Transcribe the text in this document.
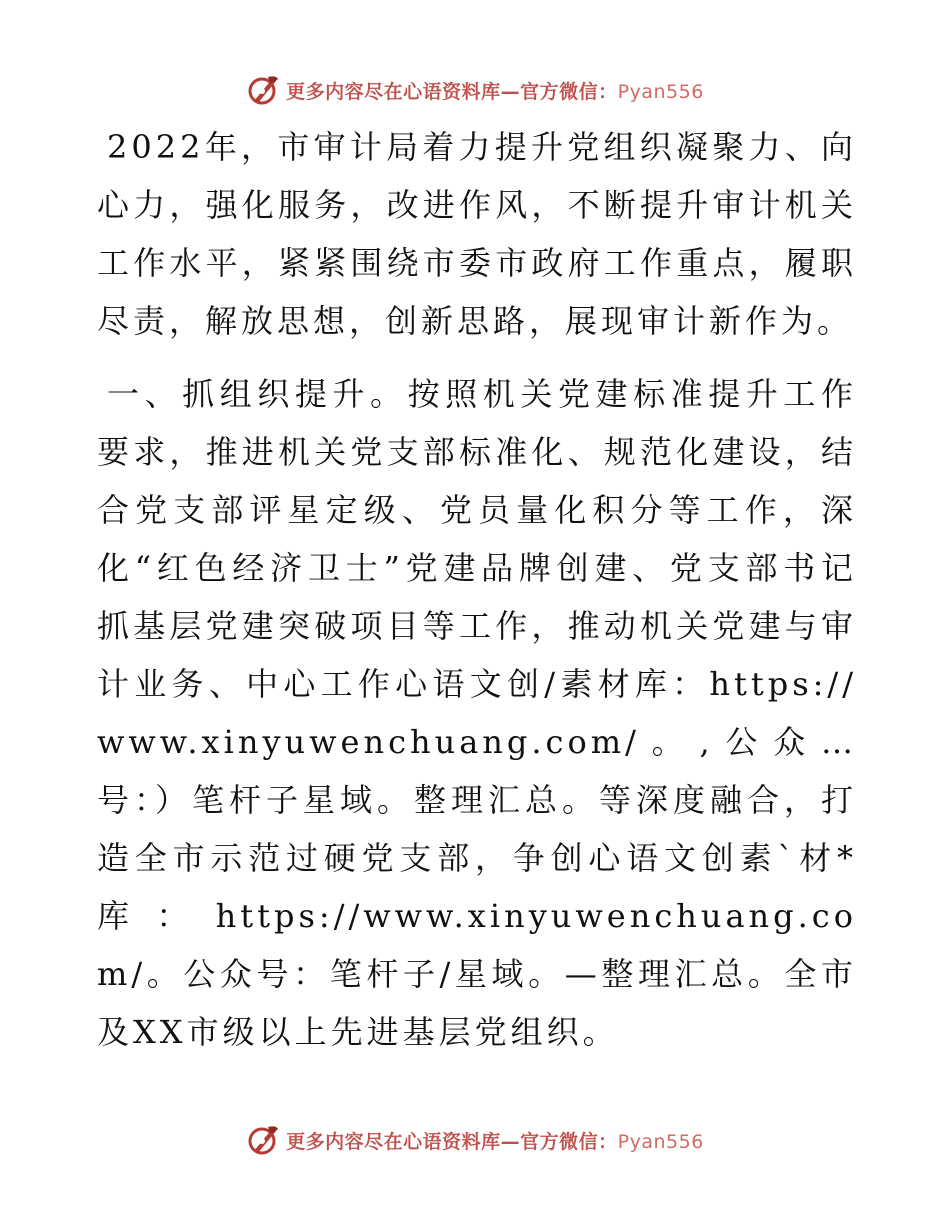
更多内容尽在心语资料库—官方微信：Pyan556

2022年，市审计局着力提升党组织凝聚力、向心力，强化服务，改进作风，不断提升审计机关工作水平，紧紧围绕市委市政府工作重点，履职尽责，解放思想，创新思路，展现审计新作为。

一、抓组织提升。按照机关党建标准提升工作要求，推进机关党支部标准化、规范化建设，结合党支部评星定级、党员量化积分等工作，深化“红色经济卫士”党建品牌创建、党支部书记抓基层党建突破项目等工作，推动机关党建与审计业务、中心工作心语文创/素材库：https://www.xinyuwenchuang.com/。,公众…号：）笔杆子星域。整理汇总。等深度融合，打造全市示范过硬党支部，争创心语文创素`材*库：https://www.xinyuwenchuang.com/。公众号：笔杆子/星域。—整理汇总。全市及XX市级以上先进基层党组织。

更多内容尽在心语资料库—官方微信：Pyan556
